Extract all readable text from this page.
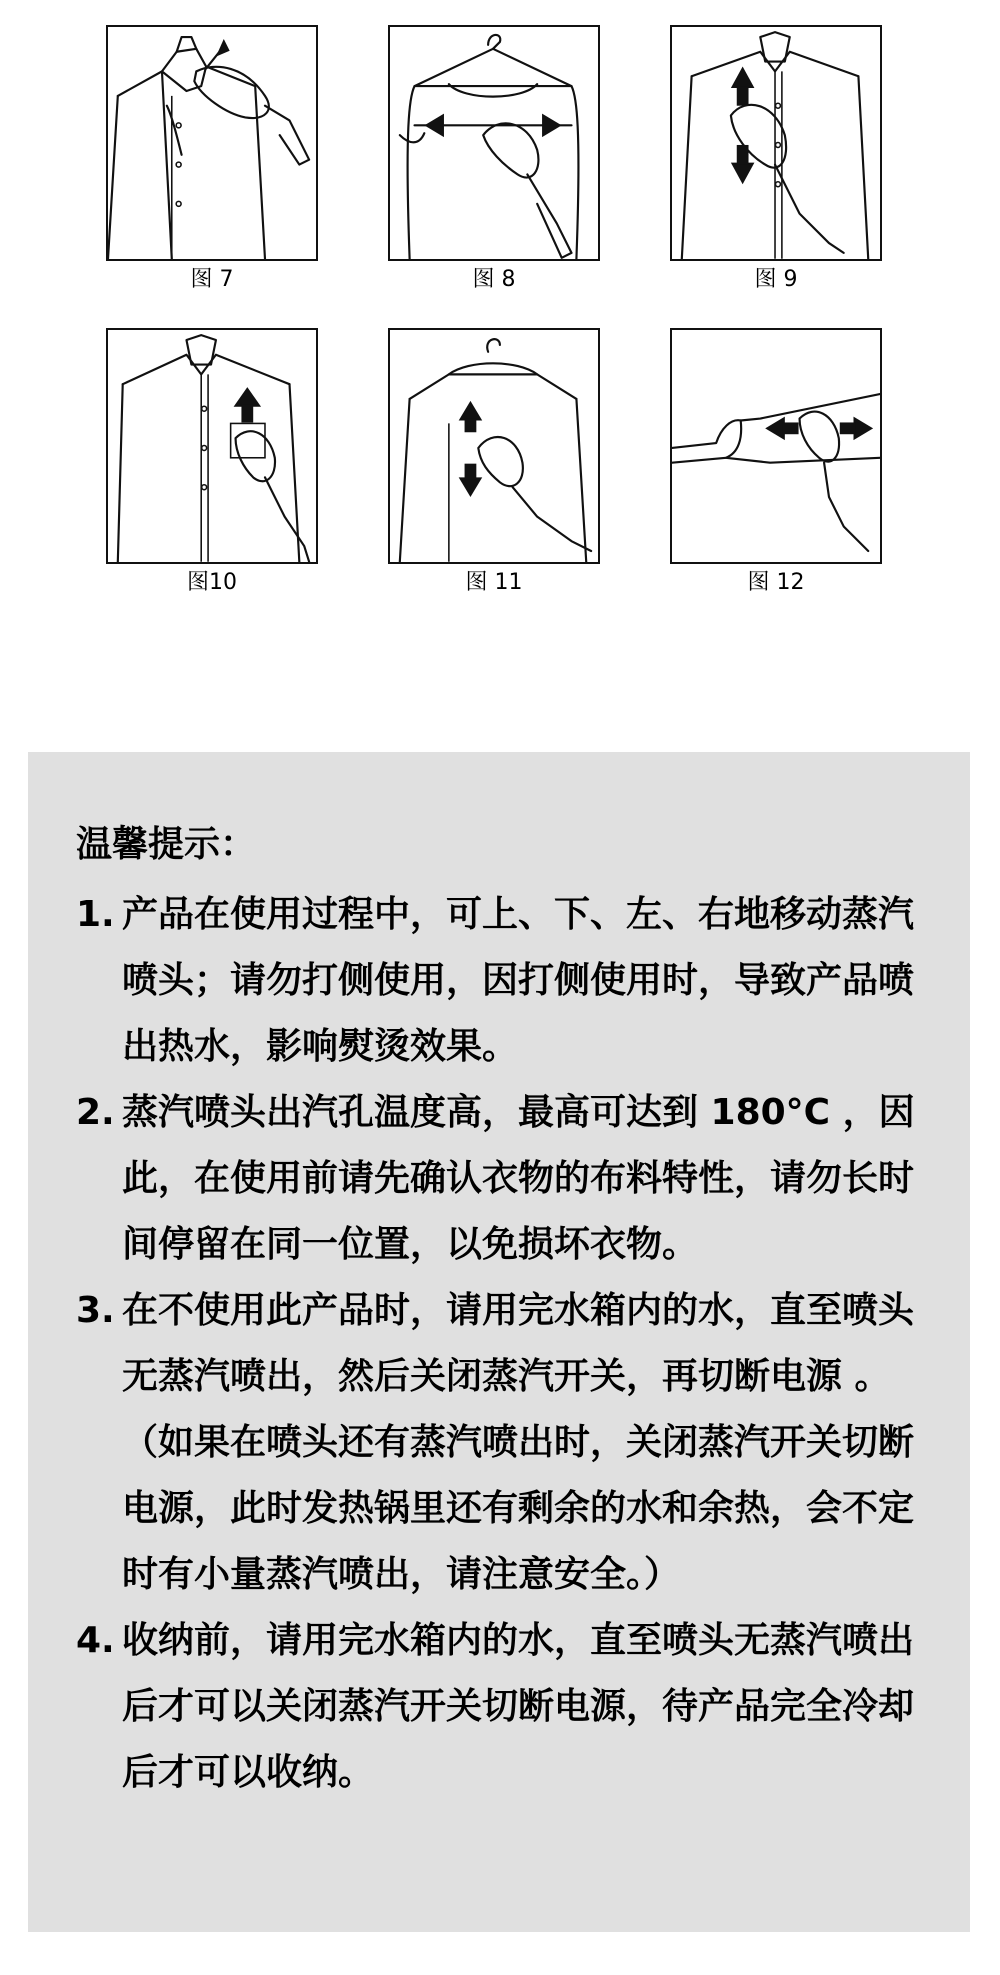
图 7	图 8	图 9
图10	图 11	图 12
温馨提示：
1. 产品在使用过程中，可上、下、左、右地移动蒸汽喷头；请勿打侧使用，因打侧使用时，导致产品喷出热水，影响熨烫效果。
2. 蒸汽喷头出汽孔温度高，最高可达到 180°C ，因此，在使用前请先确认衣物的布料特性，请勿长时间停留在同一位置，以免损坏衣物。
3. 在不使用此产品时，请用完水箱内的水，直至喷头无蒸汽喷出，然后关闭蒸汽开关，再切断电源 。（如果在喷头还有蒸汽喷出时，关闭蒸汽开关切断电源，此时发热锅里还有剩余的水和余热，会不定时有小量蒸汽喷出，请注意安全。）
4. 收纳前，请用完水箱内的水，直至喷头无蒸汽喷出后才可以关闭蒸汽开关切断电源，待产品完全冷却后才可以收纳。
